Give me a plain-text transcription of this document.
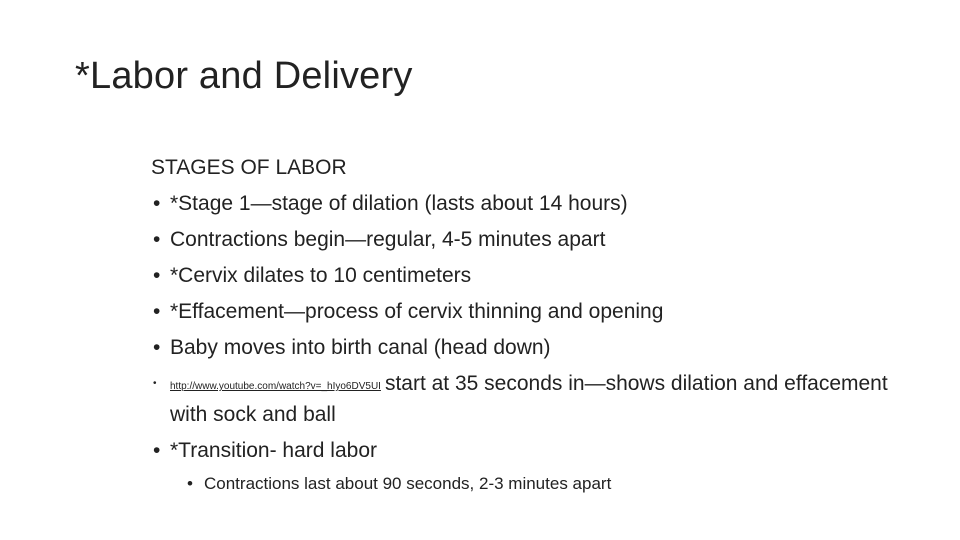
*Labor and Delivery
STAGES OF LABOR
• *Stage 1—stage of dilation (lasts about 14 hours)
• Contractions begin—regular, 4-5 minutes apart
• *Cervix dilates to 10 centimeters
• *Effacement—process of cervix thinning and opening
• Baby moves into birth canal (head down)
• http://www.youtube.com/watch?v=_hIyo6DV5UI start at 35 seconds in—shows dilation and effacement with sock and ball
• *Transition- hard labor
• Contractions last about 90 seconds, 2-3 minutes apart
